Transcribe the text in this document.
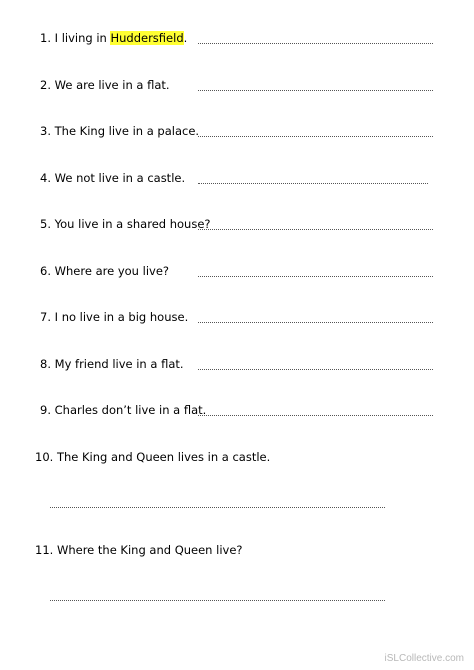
1. I living in Huddersfield.
2. We are live in a flat.
3. The King live in a palace.
4. We not live in a castle.
5. You live in a shared house?
6. Where are you live?
7. I no live in a big house.
8. My friend live in a flat.
9. Charles don’t live in a flat.
10. The King and Queen lives in a castle.
11. Where the King and Queen live?
iSLCollective.com
